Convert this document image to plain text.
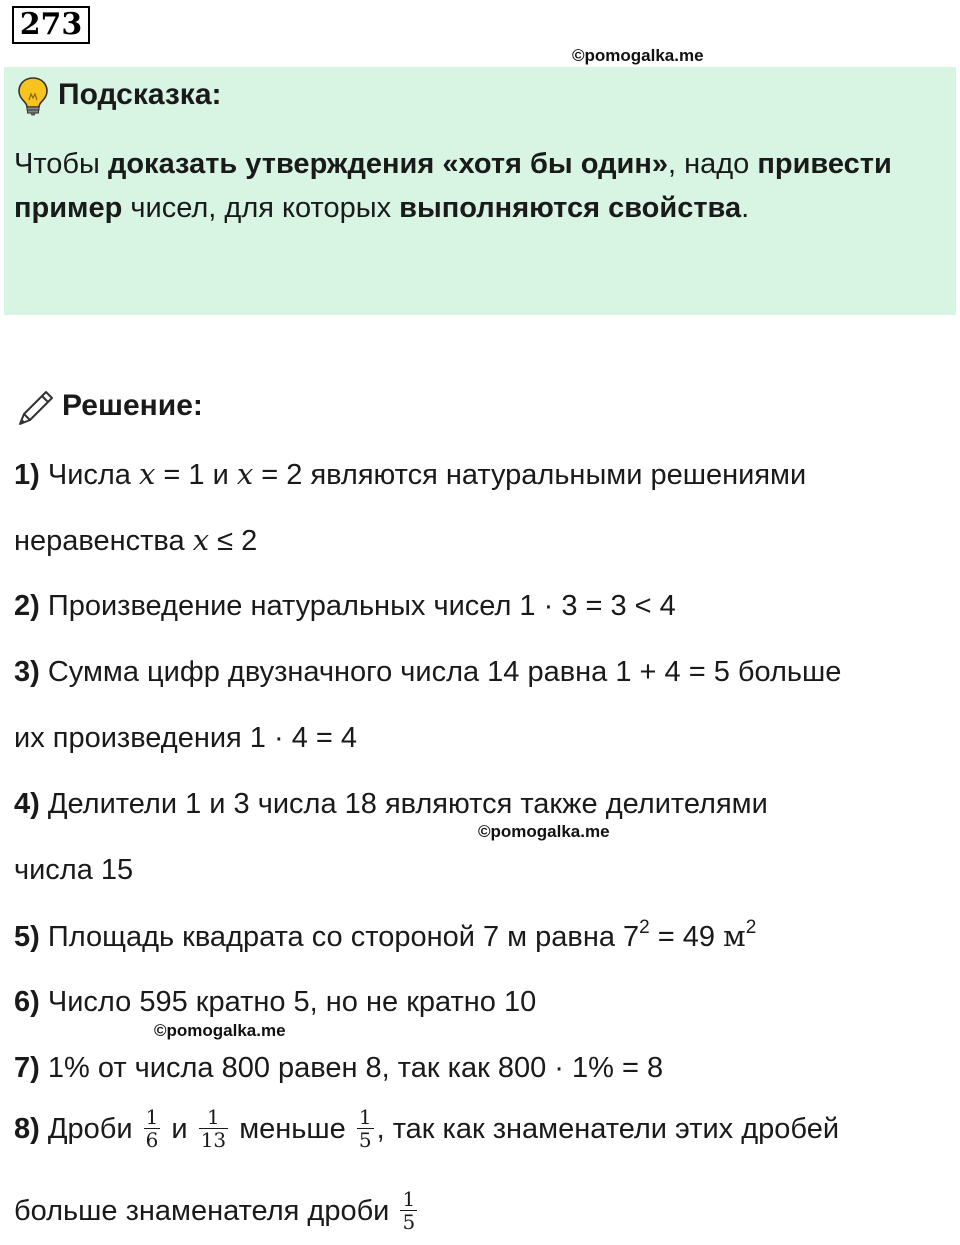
273
©pomogalka.me
Подсказка:
Чтобы доказать утверждения «хотя бы один», надо привести пример чисел, для которых выполняются свойства.
Решение:
1) Числа 𝑥 = 1 и 𝑥 = 2 являются натуральными решениями
неравенства 𝑥 ≤ 2
2) Произведение натуральных чисел 1 · 3 = 3 < 4
3) Сумма цифр двузначного числа 14 равна 1 + 4 = 5 больше
их произведения 1 · 4 = 4
4) Делители 1 и 3 числа 18 являются также делителями
©pomogalka.me
числа 15
5) Площадь квадрата со стороной 7 м равна $7^2 = 49$ $м^2$
6) Число 595 кратно 5, но не кратно 10
©pomogalka.me
7) 1% от числа 800 равен 8, так как 800 · 1% = 8
8) Дроби $\frac{1}{6}$ и $\frac{1}{13}$ меньше $\frac{1}{5}$ , так как знаменатели этих дробей
больше знаменателя дроби $\frac{1}{5}$
